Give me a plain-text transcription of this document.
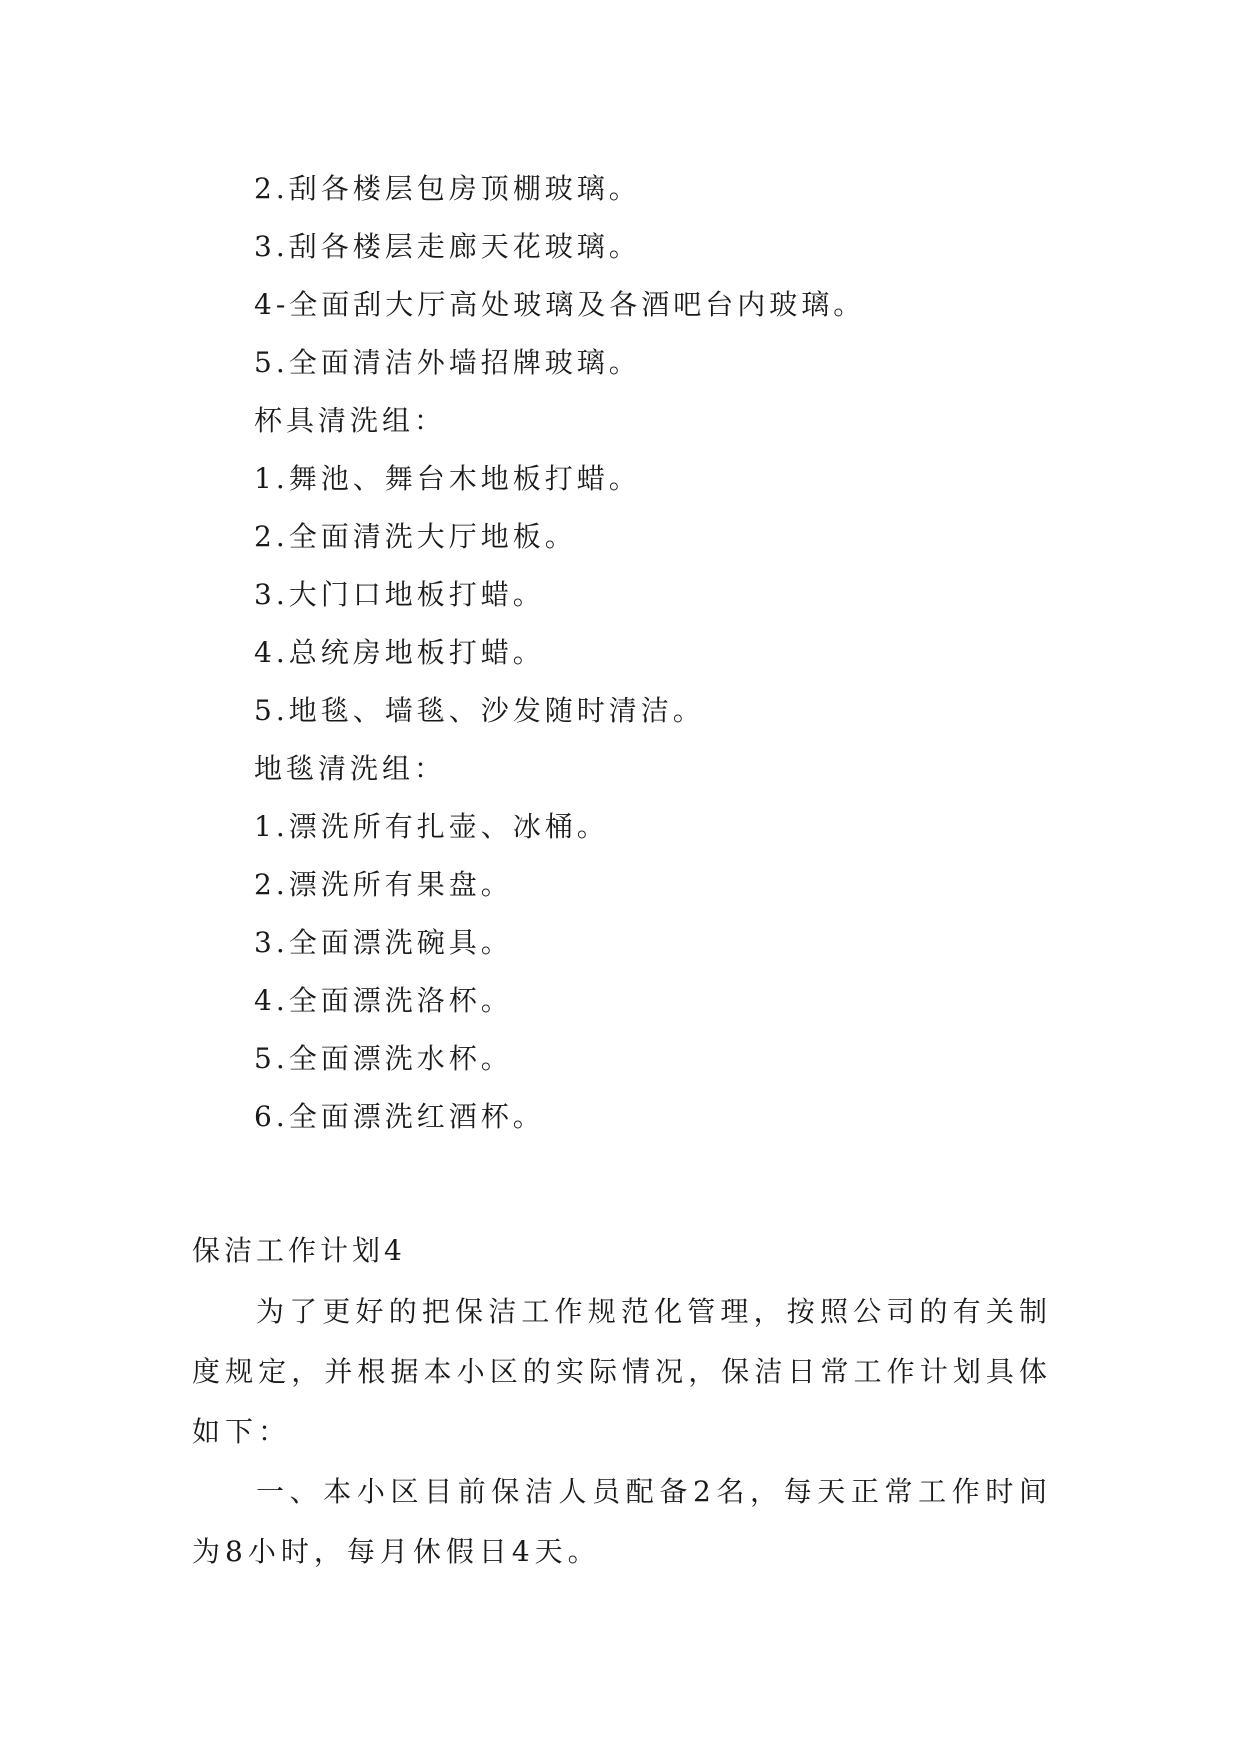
2.刮各楼层包房顶棚玻璃。
3.刮各楼层走廊天花玻璃。
4-全面刮大厅高处玻璃及各酒吧台内玻璃。
5.全面清洁外墙招牌玻璃。
杯具清洗组：
1.舞池、舞台木地板打蜡。
2.全面清洗大厅地板。
3.大门口地板打蜡。
4.总统房地板打蜡。
5.地毯、墙毯、沙发随时清洁。
地毯清洗组：
1.漂洗所有扎壶、冰桶。
2.漂洗所有果盘。
3.全面漂洗碗具。
4.全面漂洗洛杯。
5.全面漂洗水杯。
6.全面漂洗红酒杯。
保洁工作计划4

为了更好的把保洁工作规范化管理，按照公司的有关制度规定，并根据本小区的实际情况，保洁日常工作计划具体如下：

一、本小区目前保洁人员配备2名，每天正常工作时间为8小时，每月休假日4天。
